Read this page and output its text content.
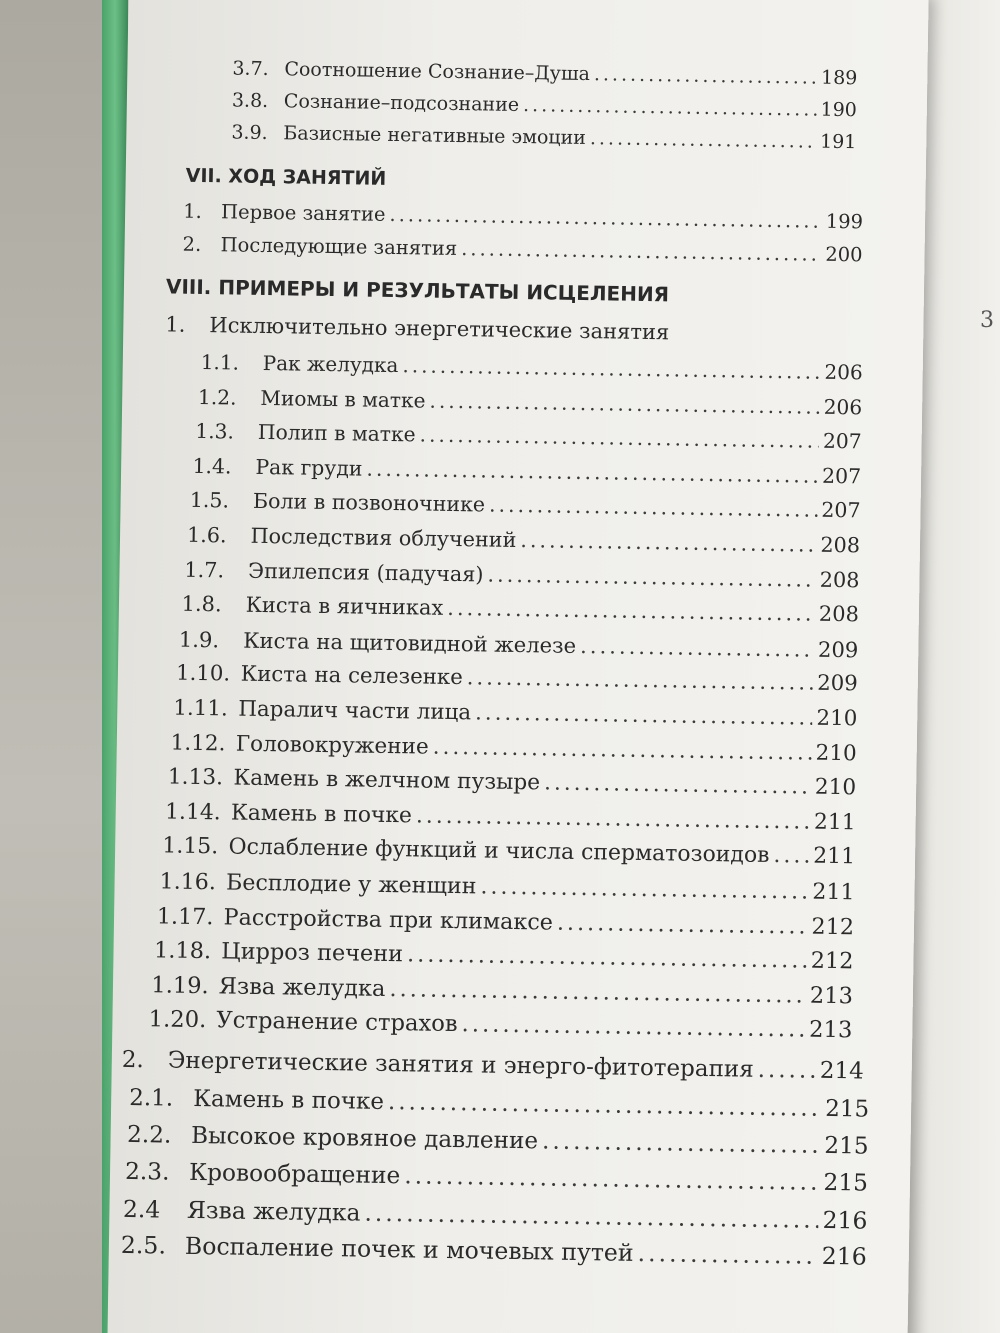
3
3.7. Соотношение Сознание–Душа .....	189
3.8. Сознание–подсознание .....	190
3.9. Базисные негативные эмоции .....	191
VII. ХОД ЗАНЯТИЙ
1. Первое занятие .....	199
2. Последующие занятия .....	200
VIII. ПРИМЕРЫ И РЕЗУЛЬТАТЫ ИСЦЕЛЕНИЯ
1.	Исключительно энергетические занятия
1.1.	Рак желудка .....	206
1.2.	Миомы в матке .....	206
1.3.	Полип в матке .....	207
1.4.	Рак груди .....	207
1.5.	Боли в позвоночнике .....	207
1.6.	Последствия облучений .....	208
1.7.	Эпилепсия (падучая) .....	208
1.8.	Киста в яичниках .....	208
1.9.	Киста на щитовидной железе .....	209
1.10. Киста на селезенке .....	209
1.11. Паралич части лица .....	210
1.12. Головокружение .....	210
1.13. Камень в желчном пузыре .....	210
1.14. Камень в почке .....	211
1.15. Ослабление функций и числа сперматозоидов ..... 211
1.16. Бесплодие у женщин .....	211
1.17. Расстройства при климаксе .....	212
1.18. Цирроз печени .....	212
1.19. Язва желудка .....	213
1.20. Устранение страхов .....	213
2.	Энергетические занятия и энерго-фитотерапия .....	214
2.1. Камень в почке .....	215
2.2. Высокое кровяное давление .....	215
2.3. Кровообращение .....	215
2.4	Язва желудка .....	216
2.5. Воспаление почек и мочевых путей .....	216
